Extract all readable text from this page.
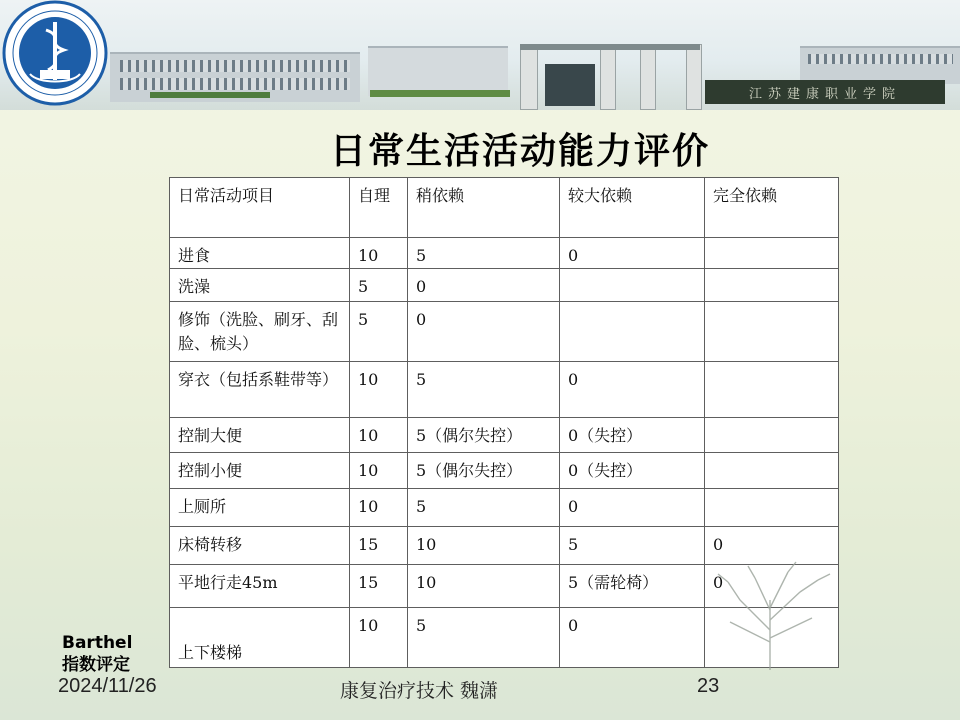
江苏建康职业学院
日常生活活动能力评价
日常活动项目	自理	稍依赖	较大依赖	完全依赖
进食	10	5	0	
洗澡	5	0		
修饰（洗脸、刷牙、刮脸、梳头）	5	0		
穿衣（包括系鞋带等）	10	5	0	
控制大便	10	5（偶尔失控）	0（失控）	
控制小便	10	5（偶尔失控）	0（失控）	
上厕所	10	5	0	
床椅转移	15	10	5	0
平地行走45m	15	10	5（需轮椅）	0
上下楼梯	10	5	0	
Barthel
指数评定
2024/11/26	康复治疗技术 魏潇	23
